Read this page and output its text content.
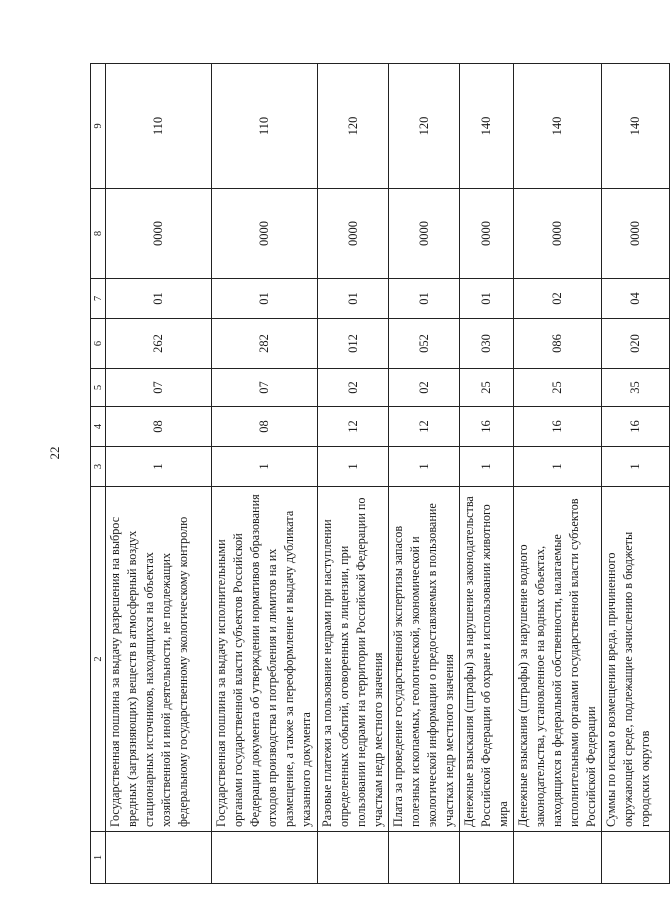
22
1	2	3	4	5	6	7	8	9
	Государственная пошлина за выдачу разрешения на выброс вредных (загрязняющих) веществ в атмосферный воздух стационарных источников, находящихся на объектах хозяйственной и иной деятельности, не подлежащих федеральному государственному экологическому контролю	1	08	07	262	01	0000	110
	Государственная пошлина за выдачу исполнительными органами государственной власти субъектов Российской Федерации документа об утверждении нормативов образования отходов производства и потребления и лимитов на их размещение, а также за переоформление и выдачу дубликата указанного документа	1	08	07	282	01	0000	110
	Разовые платежи за пользование недрами при наступлении определенных событий, оговоренных в лицензии, при пользовании недрами на территории Российской Федерации по участкам недр местного значения	1	12	02	012	01	0000	120
	Плата за проведение государственной экспертизы запасов полезных ископаемых, геологической, экономической и экологической информации о предоставляемых в пользование участках недр местного значения	1	12	02	052	01	0000	120
	Денежные взыскания (штрафы) за нарушение законодательства Российской Федерации об охране и использовании животного мира	1	16	25	030	01	0000	140
	Денежные взыскания (штрафы) за нарушение водного законодательства, установленное на водных объектах, находящихся в федеральной собственности, налагаемые исполнительными органами государственной власти субъектов Российской Федерации	1	16	25	086	02	0000	140
	Суммы по искам о возмещении вреда, причиненного окружающей среде, подлежащие зачислению в бюджеты городских округов	1	16	35	020	04	0000	140
